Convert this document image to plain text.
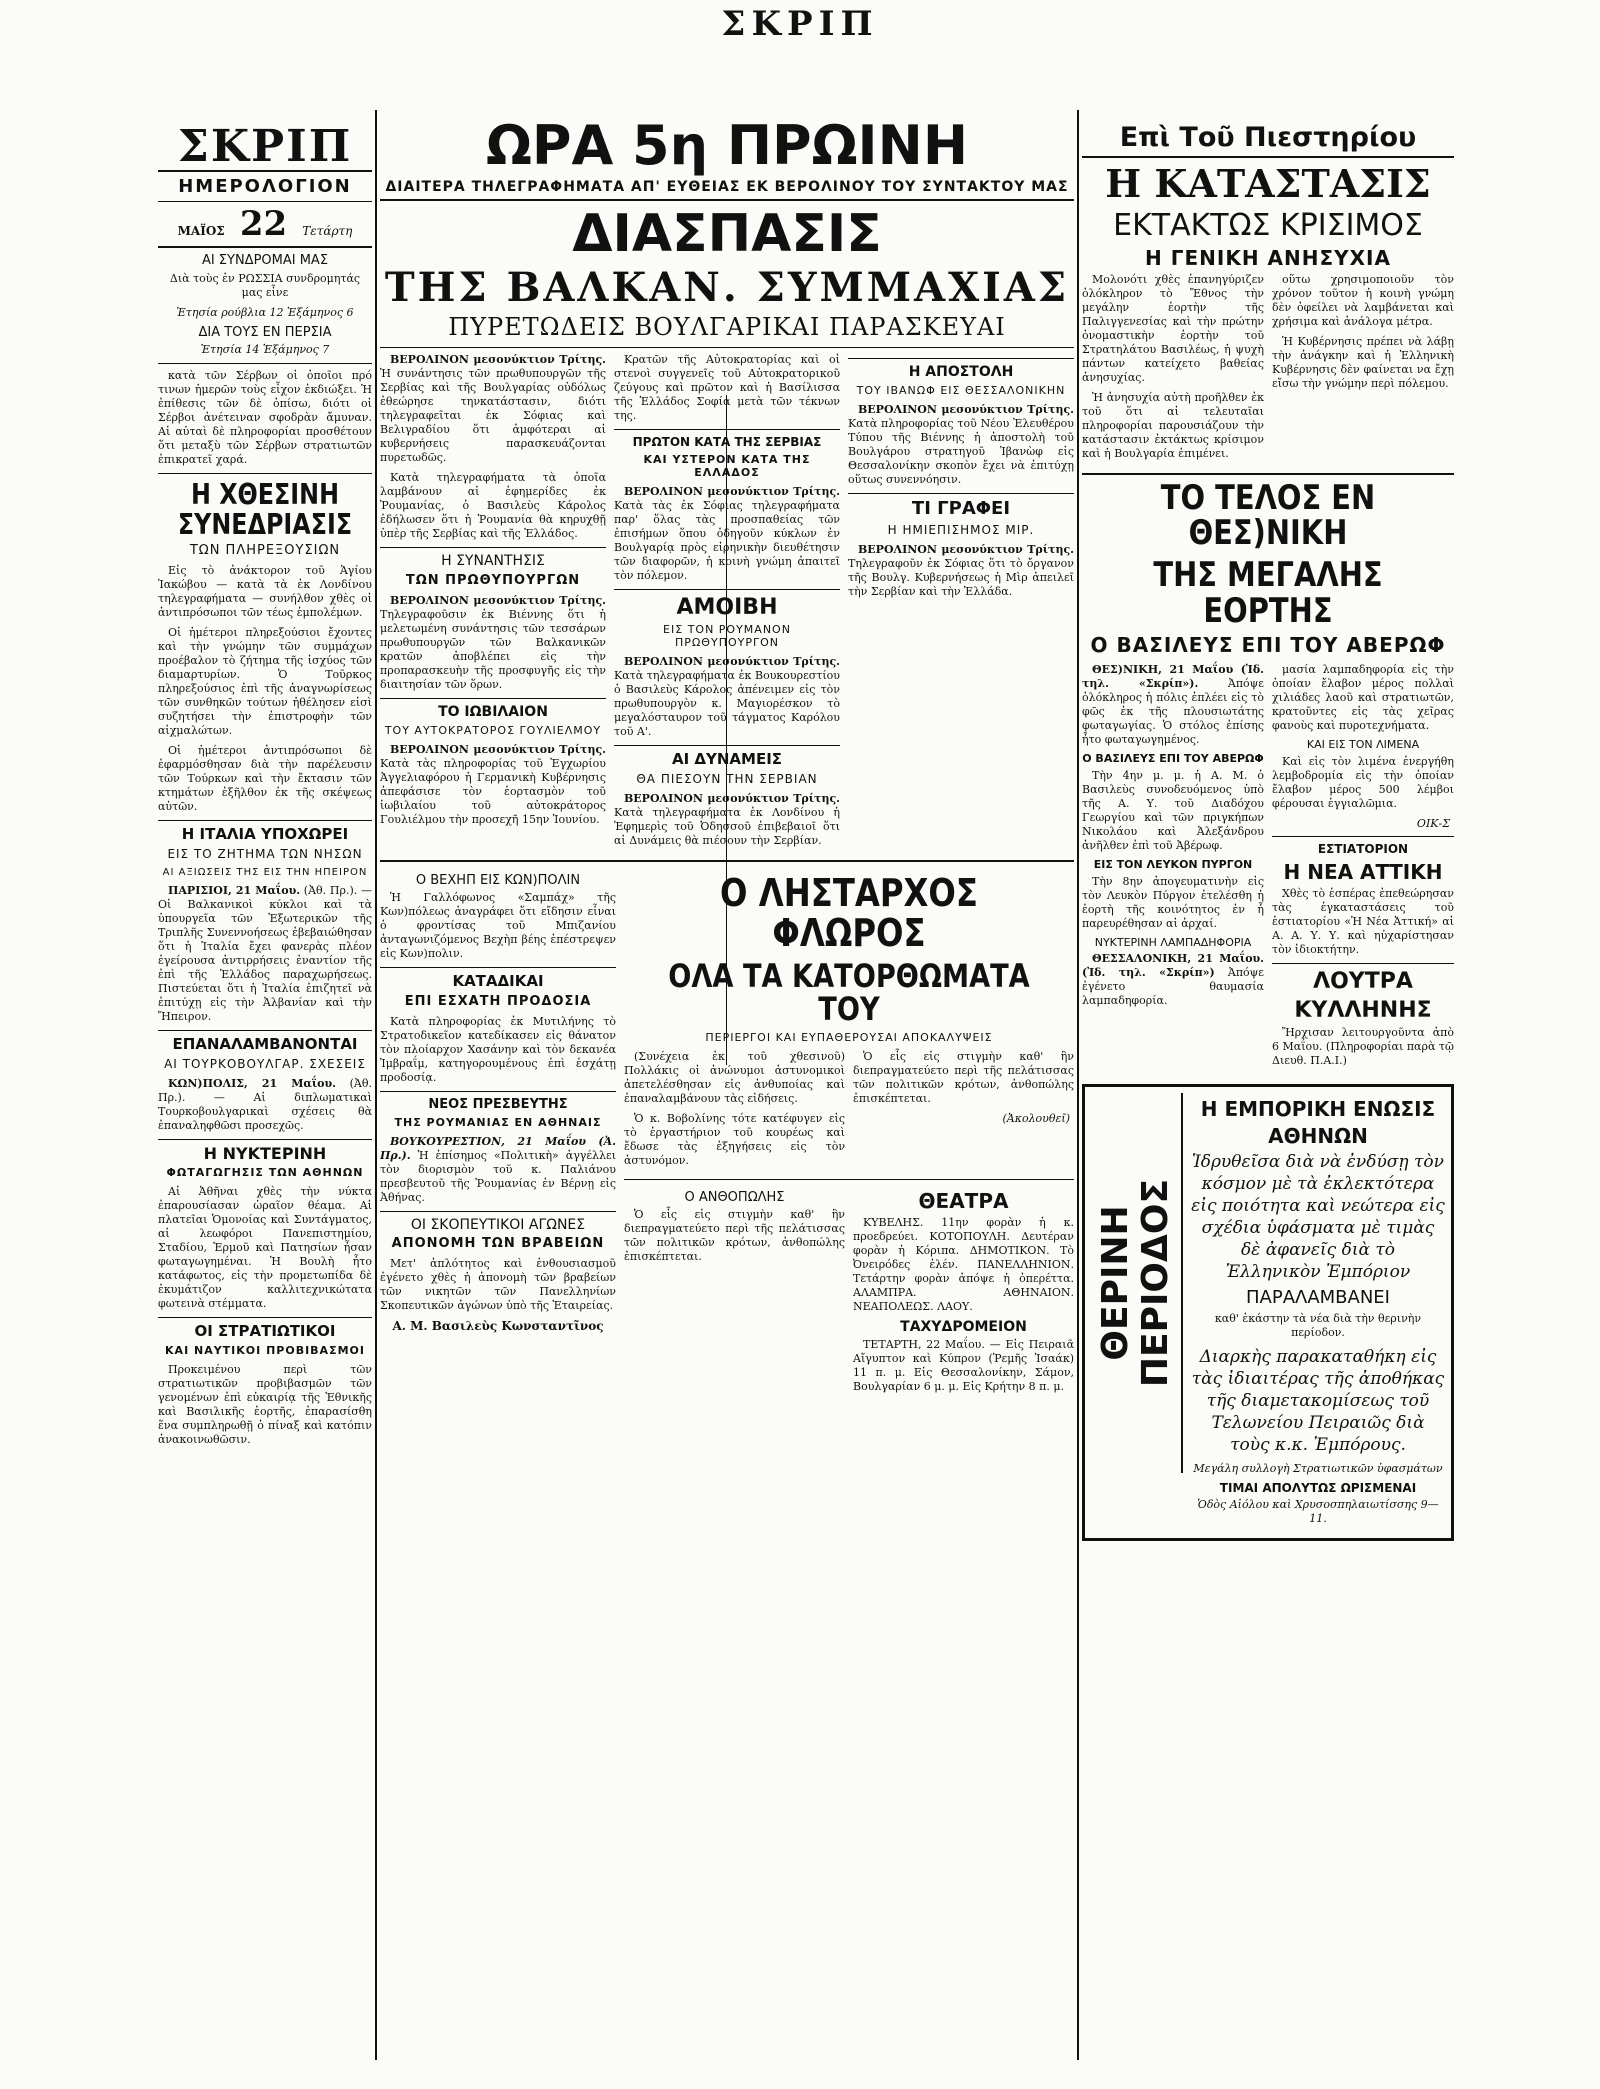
ΣΚΡΙΠ
ΣΚΡΙΠ
ΗΜΕΡΟΛΟΓΙΟΝ
ΜΑΪΟΣ 22 Τετάρτη
ΑΙ ΣΥΝΔΡΟΜΑΙ ΜΑΣ
Διὰ τοὺς ἐν ΡΩΣΣΙΑ συνδρομητάς μας εἶνε
Ἑτησία ρούβλια 12 Ἑξάμηνος 6
ΔΙΑ ΤΟΥΣ ΕΝ ΠΕΡΣΙΑ
Ἑτησία 14 Ἑξάμηνος 7
κατὰ τῶν Σέρβων οἱ ὁποῖοι πρό τινων ἡμερῶν τοὺς εἶχον ἐκδιώξει. Ἡ ἐπίθεσις τῶν δὲ ὁπίσω, διότι οἱ Σέρβοι ἀνέτειναν σφοδρὰν ἄμυναν. Αἱ αὐταὶ δὲ πληροφορίαι προσθέτουν ὅτι μεταξὺ τῶν Σέρβων στρατιωτῶν ἐπικρατεῖ χαρά.
Η ΧΘΕΣΙΝΗ ΣΥΝΕΔΡΙΑΣΙΣ
ΤΩΝ ΠΛΗΡΕΞΟΥΣΙΩΝ
Εἰς τὸ ἀνάκτορον τοῦ Ἁγίου Ἰακώβου — κατὰ τὰ ἐκ Λονδίνου τηλεγραφήματα — συνήλθον χθὲς οἱ ἀντιπρόσωποι τῶν τέως ἐμπολέμων.
Οἱ ἡμέτεροι πληρεξούσιοι ἔχοντες καὶ τὴν γνώμην τῶν συμμάχων προέβαλον τὸ ζήτημα τῆς ἰσχύος τῶν διαμαρτυρίων. Ὁ Τοῦρκος πληρεξούσιος ἐπὶ τῆς ἀναγνωρίσεως τῶν συνθηκῶν τούτων ἠθέλησεν εἰσὶ συζητήσει τὴν ἐπιστροφὴν τῶν αἰχμαλώτων.
Οἱ ἡμέτεροι ἀντιπρόσωποι δὲ ἐφαρμόσθησαν διὰ τὴν παρέλευσιν τῶν Τούρκων καὶ τὴν ἔκτασιν τῶν κτημάτων ἐξῆλθον ἐκ τῆς σκέψεως αὐτῶν.
Η ΙΤΑΛΙΑ ΥΠΟΧΩΡΕΙ
ΕΙΣ ΤΟ ΖΗΤΗΜΑ ΤΩΝ ΝΗΣΩΝ
ΑΙ ΑΞΙΩΣΕΙΣ ΤΗΣ ΕΙΣ ΤΗΝ ΗΠΕΙΡΟΝ

ΠΑΡΙΣΙΟΙ, 21 Μαΐου. (Ἀθ. Πρ.). — Οἱ Βαλκανικοὶ κύκλοι καὶ τὰ ὑπουργεῖα τῶν Ἐξωτερικῶν τῆς Τριπλῆς Συνεννοήσεως ἐβεβαιώθησαν ὅτι ἡ Ἰταλία ἔχει φανερὰς πλέον ἐγείρουσα ἀντιρρήσεις ἐναντίον τῆς ἐπὶ τῆς Ἑλλάδος παραχωρήσεως. Πιστεύεται ὅτι ἡ Ἰταλία ἐπιζητεῖ νὰ ἐπιτύχῃ εἰς τὴν Ἀλβανίαν καὶ τὴν Ἤπειρον.

ΕΠΑΝΑΛΑΜΒΑΝΟΝΤΑΙ
ΑΙ ΤΟΥΡΚΟΒΟΥΛΓΑΡ. ΣΧΕΣΕΙΣ

ΚΩΝ)ΠΟΛΙΣ, 21 Μαΐου. (Ἀθ. Πρ.). — Αἱ διπλωματικαὶ Τουρκοβουλγαρικαὶ σχέσεις θὰ ἐπαναληφθῶσι προσεχῶς.

Η ΝΥΚΤΕΡΙΝΗ
ΦΩΤΑΓΩΓΗΣΙΣ ΤΩΝ ΑΘΗΝΩΝ
Αἱ Ἀθῆναι χθὲς τὴν νύκτα ἐπαρουσίασαν ὡραῖον θέαμα. Αἱ πλατεῖαι Ὁμονοίας καὶ Συντάγματος, αἱ λεωφόροι Πανεπιστημίου, Σταδίου, Ἑρμοῦ καὶ Πατησίων ἦσαν φωταγωγημέναι. Ἡ Βουλὴ ἦτο κατάφωτος, εἰς τὴν προμετωπίδα δὲ ἐκυμάτιζον καλλιτεχνικώτατα φωτεινὰ στέμματα.
ΟΙ ΣΤΡΑΤΙΩΤΙΚΟΙ
ΚΑΙ ΝΑΥΤΙΚΟΙ ΠΡΟΒΙΒΑΣΜΟΙ
Προκειμένου περὶ τῶν στρατιωτικῶν προβιβασμῶν τῶν γενομένων ἐπὶ εὐκαιρίᾳ τῆς Ἐθνικῆς καὶ Βασιλικῆς ἑορτῆς, ἐπαρασίσθη ἕνα συμπληρωθῇ ὁ πίναξ καὶ κατόπιν ἀνακοινωθῶσιν.
ΩΡΑ 5η ΠΡΩΙΝΗ
ΔΙΑΙΤΕΡΑ ΤΗΛΕΓΡΑΦΗΜΑΤΑ ΑΠ' ΕΥΘΕΙΑΣ ΕΚ ΒΕΡΟΛΙΝΟΥ ΤΟΥ ΣΥΝΤΑΚΤΟΥ ΜΑΣ
ΔΙΑΣΠΑΣΙΣ
ΤΗΣ ΒΑΛΚΑΝ. ΣΥΜΜΑΧΙΑΣ
ΠΥΡΕΤΩΔΕΙΣ ΒΟΥΛΓΑΡΙΚΑΙ ΠΑΡΑΣΚΕΥΑΙ

ΒΕΡΟΛΙΝΟΝ μεσονύκτιον Τρίτης. Ἡ συνάντησις τῶν πρωθυπουργῶν τῆς Σερβίας καὶ τῆς Βουλγαρίας οὐδόλως ἐθεώρησε τηνκατάστασιν, διότι τηλεγραφεῖται ἐκ Σόφιας καὶ Βελιγραδίου ὅτι ἀμφότεραι αἱ κυβερνήσεις παρασκευάζονται πυρετωδῶς.

Κατὰ τηλεγραφήματα τὰ ὁποῖα λαμβάνουν αἱ ἐφημερίδες ἐκ Ῥουμανίας, ὁ Βασιλεὺς Κάρολος ἐδήλωσεν ὅτι ἡ Ῥουμανία θὰ κηρυχθῇ ὑπὲρ τῆς Σερβίας καὶ τῆς Ἑλλάδος.
Η ΣΥΝΑΝΤΗΣΙΣ
ΤΩΝ ΠΡΩΘΥΠΟΥΡΓΩΝ

ΒΕΡΟΛΙΝΟΝ μεσονύκτιον Τρίτης. Τηλεγραφοῦσιν ἐκ Βιέννης ὅτι ἡ μελετωμένη συνάντησις τῶν τεσσάρων πρωθυπουργῶν τῶν Βαλκανικῶν κρατῶν ἀποβλέπει εἰς τὴν προπαρασκευὴν τῆς προσφυγῆς εἰς τὴν διαιτησίαν τῶν ὅρων.

ΤΟ ΙΩΒΙΛΑΙΟΝ
ΤΟΥ ΑΥΤΟΚΡΑΤΟΡΟΣ ΓΟΥΛΙΕΛΜΟΥ

ΒΕΡΟΛΙΝΟΝ μεσονύκτιον Τρίτης. Κατὰ τὰς πληροφορίας τοῦ Ἐγχωρίου Ἀγγελιαφόρου ἡ Γερμανικὴ Κυβέρνησις ἀπεφάσισε τὸν ἐορτασμὸν τοῦ ἰωβιλαίου τοῦ αὐτοκράτορος Γουλιέλμου τὴν προσεχῆ 15ην Ἰουνίου.

Κρατῶν τῆς Αὐτοκρατορίας καὶ οἱ στενοὶ συγγενεῖς τοῦ Αὐτοκρατορικοῦ ζεύγους καὶ πρῶτον καὶ ἡ Βασίλισσα τῆς Ἑλλάδος Σοφία μετὰ τῶν τέκνων της.
ΠΡΩΤΟΝ ΚΑΤΑ ΤΗΣ ΣΕΡΒΙΑΣ
ΚΑΙ ΥΣΤΕΡΟΝ ΚΑΤΑ ΤΗΣ ΕΛΛΑΔΟΣ

ΒΕΡΟΛΙΝΟΝ μεσονύκτιον Τρίτης. Κατὰ τὰς ἐκ Σόφιας τηλεγραφήματα παρ' ὅλας τὰς προσπαθείας τῶν ἐπισήμων ὅπου ὁδηγοῦν κύκλων ἐν Βουλγαρίᾳ πρὸς εἰρηνικὴν διευθέτησιν τῶν διαφορῶν, ἡ κοινὴ γνώμη ἀπαιτεῖ τὸν πόλεμον.

ΑΜΟΙΒΗ
ΕΙΣ ΤΟΝ ΡΟΥΜΑΝΟΝ ΠΡΩΘΥΠΟΥΡΓΟΝ

ΒΕΡΟΛΙΝΟΝ μεσονύκτιον Τρίτης. Κατὰ τηλεγραφήματα ἐκ Βουκουρεστίου ὁ Βασιλεὺς Κάρολος ἀπένειμεν εἰς τὸν πρωθυπουργὸν κ. Μαγιορέσκον τὸ μεγαλόσταυρον τοῦ τάγματος Καρόλου τοῦ Α'.

ΑΙ ΔΥΝΑΜΕΙΣ
ΘΑ ΠΙΕΣΟΥΝ ΤΗΝ ΣΕΡΒΙΑΝ

ΒΕΡΟΛΙΝΟΝ μεσονύκτιον Τρίτης. Κατὰ τηλεγραφήματα ἐκ Λονδίνου ἡ Ἐφημερὶς τοῦ Ὀδησσοῦ ἐπιβεβαιοῖ ὅτι αἱ Δυνάμεις θὰ πιέσουν τὴν Σερβίαν.

Η ΑΠΟΣΤΟΛΗ
ΤΟΥ ΙΒΑΝΩΦ ΕΙΣ ΘΕΣΣΑΛΟΝΙΚΗΝ

ΒΕΡΟΛΙΝΟΝ μεσονύκτιον Τρίτης. Κατὰ πληροφορίας τοῦ Νέου Ἐλευθέρου Τύπου τῆς Βιέννης ἡ ἀποστολὴ τοῦ Βουλγάρου στρατηγοῦ Ἰβανὼφ εἰς Θεσσαλονίκην σκοπὸν ἔχει νὰ ἐπιτύχῃ οὕτως συνεννόησιν.

ΤΙ ΓΡΑΦΕΙ
Η ΗΜΙΕΠΙΣΗΜΟΣ ΜΙΡ.

ΒΕΡΟΛΙΝΟΝ μεσονύκτιον Τρίτης. Τηλεγραφοῦν ἐκ Σόφιας ὅτι τὸ ὄργανον τῆς Βουλγ. Κυβερνήσεως ἡ Μὶρ ἀπειλεῖ τὴν Σερβίαν καὶ τὴν Ἑλλάδα.

Ο ΒΕΧΗΠ ΕΙΣ ΚΩΝ)ΠΟΛΙΝ
Ἡ Γαλλόφωνος «Σαμπάχ» τῆς Κων)πόλεως ἀναγράφει ὅτι εἴδησιν εἶναι ὁ φροντίσας τοῦ Μπιζανίου ἀνταγωνιζόμενος Βεχὴπ βέης ἐπέστρεψεν εἰς Κων)πολιν.
ΚΑΤΑΔΙΚΑΙ
ΕΠΙ ΕΣΧΑΤΗ ΠΡΟΔΟΣΙΑ
Κατὰ πληροφορίας ἐκ Μυτιλήνης τὸ Στρατοδικεῖον κατεδίκασεν εἰς θάνατον τὸν πλοίαρχον Χασάνην καὶ τὸν δεκανέα Ἰμβραΐμ, κατηγορουμένους ἐπὶ ἐσχάτῃ προδοσίᾳ.
ΝΕΟΣ ΠΡΕΣΒΕΥΤΗΣ
ΤΗΣ ΡΟΥΜΑΝΙΑΣ ΕΝ ΑΘΗΝΑΙΣ

ΒΟΥΚΟΥΡΕΣΤΙΟΝ, 21 Μαΐου (Ἀ. Πρ.). Ἡ ἐπίσημος «Πολιτικὴ» ἀγγέλλει τὸν διορισμὸν τοῦ κ. Παλιάνου πρεσβευτοῦ τῆς Ῥουμανίας ἐν Βέρνῃ εἰς Ἀθήνας.

ΟΙ ΣΚΟΠΕΥΤΙΚΟΙ ΑΓΩΝΕΣ
ΑΠΟΝΟΜΗ ΤΩΝ ΒΡΑΒΕΙΩΝ
Μετ' ἀπλότητος καὶ ἐνθουσιασμοῦ ἐγένετο χθὲς ἡ ἀπονομὴ τῶν βραβείων τῶν νικητῶν τῶν Πανελληνίων Σκοπευτικῶν ἀγώνων ὑπὸ τῆς Ἑταιρείας.
Α. Μ. Βασιλεὺς Κωνσταντῖνος
Ο ΛΗΣΤΑΡΧΟΣ ΦΛΩΡΟΣ
ΟΛΑ ΤΑ ΚΑΤΟΡΘΩΜΑΤΑ ΤΟΥ
ΠΕΡΙΕΡΓΟΙ ΚΑΙ ΕΥΠΑΘΕΡΟΥΣΑΙ ΑΠΟΚΑΛΥΨΕΙΣ
(Συνέχεια ἐκ τοῦ χθεσινοῦ) Πολλάκις οἱ ἀνώνυμοι ἀστυνομικοὶ ἀπετελέσθησαν εἰς ἀνθυποίας καὶ ἐπαναλαμβάνουν τὰς εἰδήσεις.
Ὁ κ. Βοβολίνης τότε κατέφυγεν εἰς τὸ ἐργαστήριον τοῦ κουρέως καὶ ἔδωσε τὰς ἐξηγήσεις εἰς τὸν ἀστυνόμον.
Ὁ εἷς εἰς στιγμὴν καθ' ἣν διεπραγματεύετο περὶ τῆς πελάτισσας τῶν πολιτικῶν κρότων, ἀνθοπώλης ἐπισκέπτεται.
(Ἀκολουθεῖ)
Ο ΑΝΘΟΠΩΛΗΣ
Ὁ εἷς εἰς στιγμὴν καθ' ἣν διεπραγματεύετο περὶ τῆς πελάτισσας τῶν πολιτικῶν κρότων, ἀνθοπώλης ἐπισκέπτεται.
ΘΕΑΤΡΑ
ΚΥΒΕΛΗΣ. 11ην φορὰν ἡ κ. προεδρεύει. ΚΟΤΟΠΟΥΛΗ. Δευτέραν φορὰν ἡ Κόριπα. ΔΗΜΟΤΙΚΟΝ. Τὸ Ὀνειρόδες ἐλέν. ΠΑΝΕΛΛΗΝΙΟΝ. Τετάρτην φορὰν ἀπόψε ἡ ὀπερέττα. ΑΛΑΜΠΡΑ. ΑΘΗΝΑΙΟΝ. ΝΕΑΠΟΛΕΩΣ. ΛΑΟΥ.
ΤΑΧΥΔΡΟΜΕΙΟΝ
ΤΕΤΑΡΤΗ, 22 Μαΐου. — Εἰς Πειραιᾶ Αἴγυπτον καὶ Κύπρον (Ῥεμῆς Ἰσαάκ) 11 π. μ. Εἰς Θεσσαλονίκην, Σάμον, Βουλγαρίαν 6 μ. μ. Εἰς Κρήτην 8 π. μ.
Επὶ Τοῦ Πιεστηρίου
Η ΚΑΤΑΣΤΑΣΙΣ
ΕΚΤΑΚΤΩΣ ΚΡΙΣΙΜΟΣ
Η ΓΕΝΙΚΗ ΑΝΗΣΥΧΙΑ
Μολονότι χθὲς ἐπανηγύριζεν ὁλόκληρον τὸ Ἔθνος τὴν μεγάλην ἑορτὴν τῆς Παλιγγενεσίας καὶ τὴν πρώτην ὀνομαστικὴν ἑορτὴν τοῦ Στρατηλάτου Βασιλέως, ἡ ψυχὴ πάντων κατείχετο βαθείας ἀνησυχίας.
Ἡ ἀνησυχία αὐτὴ προῆλθεν ἐκ τοῦ ὅτι αἱ τελευταῖαι πληροφορίαι παρουσιάζουν τὴν κατάστασιν ἐκτάκτως κρίσιμον καὶ ἡ Βουλγαρία ἐπιμένει.
οὕτω χρησιμοποιοῦν τὸν χρόνον τοῦτον ἡ κοινὴ γνώμη δὲν ὀφείλει νὰ λαμβάνεται καὶ χρήσιμα καὶ ἀνάλογα μέτρα.
Ἡ Κυβέρνησις πρέπει νὰ λάβῃ τὴν ἀνάγκην καὶ ἡ Ἑλληνικὴ Κυβέρνησις δὲν φαίνεται να ἔχῃ εἴσω τὴν γνώμην περὶ πόλεμου.
ΤΟ ΤΕΛΟΣ ΕΝ ΘΕΣ)ΝΙΚΗ
ΤΗΣ ΜΕΓΑΛΗΣ ΕΟΡΤΗΣ
Ο ΒΑΣΙΛΕΥΣ ΕΠΙ ΤΟΥ ΑΒΕΡΩΦ

ΘΕΣ)ΝΙΚΗ, 21 Μαΐου (Ἰδ. τηλ. «Σκρίπ»).	Ἀπόψε ὁλόκληρος ἡ πόλις ἐπλέει εἰς τὸ φῶς ἐκ τῆς πλουσιωτάτης φωταγωγίας. Ὁ στόλος ἐπίσης ἦτο φωταγωγημένος.

Ο ΒΑΣΙΛΕΥΣ ΕΠΙ ΤΟΥ ΑΒΕΡΩΦ
Τὴν 4ην μ. μ. ἡ Α. Μ. ὁ Βασιλεὺς συνοδευόμενος ὑπὸ τῆς Α. Υ. τοῦ Διαδόχου Γεωργίου καὶ τῶν πριγκήπων Νικολάου καὶ Ἀλεξάνδρου ἀνῆλθεν ἐπὶ τοῦ Ἀβέρωφ.
ΕΙΣ ΤΟΝ ΛΕΥΚΟΝ ΠΥΡΓΟΝ
Τὴν 8ην ἀπογευματινὴν εἰς τὸν Λευκὸν Πύργον ἐτελέσθη ἡ ἑορτὴ τῆς κοινότητος ἐν ἧ παρευρέθησαν αἱ ἀρχαί.
ΝΥΚΤΕΡΙΝΗ ΛΑΜΠΑΔΗΦΟΡΙΑ

ΘΕΣΣΑΛΟΝΙΚΗ, 21 Μαΐου. (Ἰδ. τηλ. «Σκρίπ») Ἀπόψε ἐγένετο θαυμασία λαμπαδηφορία.

μασία λαμπαδηφορία εἰς τὴν ὁποίαν ἔλαβον μέρος πολλαὶ χιλιάδες λαοῦ καὶ στρατιωτῶν, κρατοῦντες εἰς τὰς χεῖρας φανοὺς καὶ πυροτεχνήματα.
ΚΑΙ ΕΙΣ ΤΟΝ ΛΙΜΕΝΑ
Καὶ εἰς τὸν λιμένα ἐνεργήθη λεμβοδρομία εἰς τὴν ὁποίαν ἔλαβον μέρος 500 λέμβοι φέρουσαι ἑγγιαλῶμια.
ΟΙΚ-Σ
ΕΣΤΙΑΤΟΡΙΟΝ
Η ΝΕΑ ΑΤΤΙΚΗ
Χθὲς τὸ ἑσπέρας ἐπεθεώρησαν τὰς ἐγκαταστάσεις τοῦ ἑστιατορίου «Ἡ Νέα Ἀττική» αἱ Α. Α. Υ. Υ. καὶ ηὐχαρίστησαν τὸν ἰδιοκτήτην.
ΛΟΥΤΡΑ
ΚΥΛΛΗΝΗΣ
Ἤρχισαν λειτουργοῦντα ἀπὸ 6 Μαΐου. (Πληροφορίαι παρὰ τῷ Διευθ. Π.Α.Ι.)
ΘΕΡΙΝΗ
ΠΕΡΙΟΔΟΣ
Η ΕΜΠΟΡΙΚΗ ΕΝΩΣΙΣ
ΑΘΗΝΩΝ
Ἱδρυθεῖσα διὰ νὰ ἐνδύσῃ τὸν κόσμον μὲ τὰ ἐκλεκτότερα εἰς ποιότητα καὶ νεώτερα εἰς σχέδια ὑφάσματα μὲ τιμὰς δὲ ἀφανεῖς διὰ τὸ Ἑλληνικὸν Ἐμπόριον
ΠΑΡΑΛΑΜΒΑΝΕΙ
καθ' ἑκάστην τὰ νέα διὰ τὴν θερινὴν περίοδον.
Διαρκὴς παρακαταθήκη εἰς τὰς ἰδιαιτέρας τῆς ἀποθήκας τῆς διαμετακομίσεως τοῦ Τελωνείου Πειραιῶς διὰ τοὺς κ.κ. Ἐμπόρους.
Μεγάλη συλλογὴ Στρατιωτικῶν ὑφασμάτων
ΤΙΜΑΙ ΑΠΟΛΥΤΩΣ ΩΡΙΣΜΕΝΑΙ
Ὁδὸς Αἰόλου καὶ Χρυσοσπηλαιωτίσσης 9—11.
